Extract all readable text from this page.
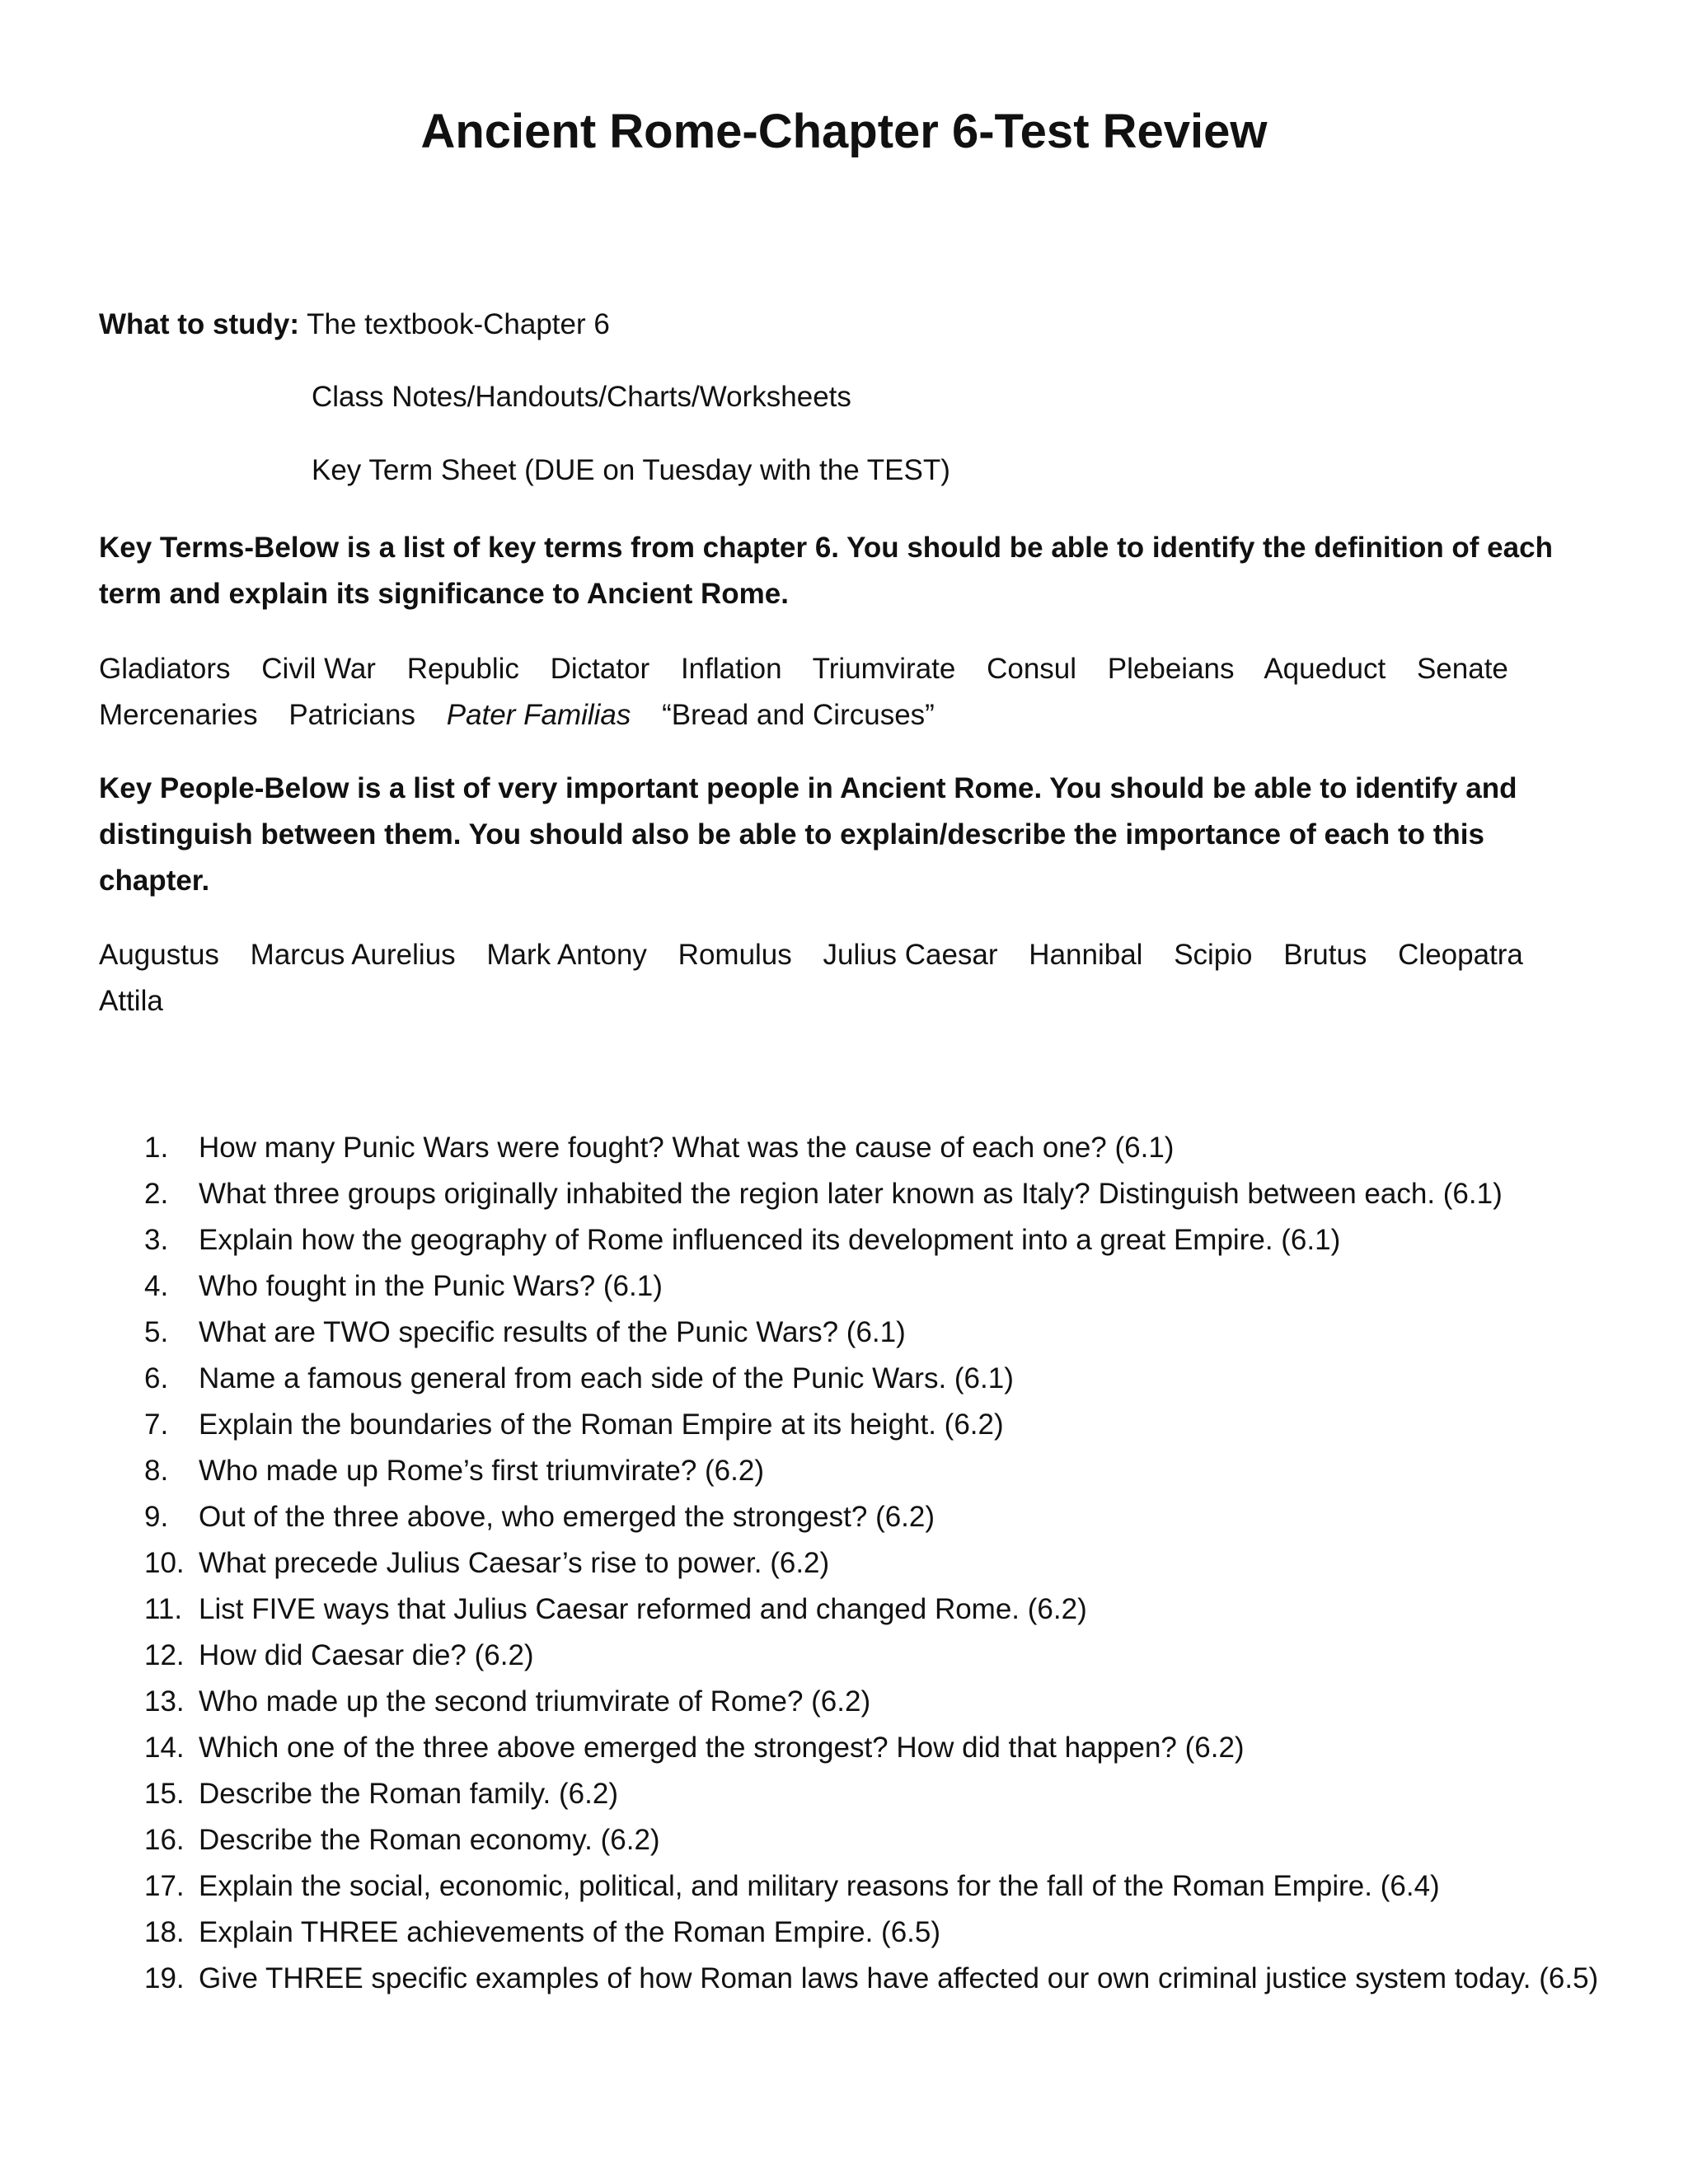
Ancient Rome-Chapter 6-Test Review
What to study: The textbook-Chapter 6
Class Notes/Handouts/Charts/Worksheets
Key Term Sheet (DUE on Tuesday with the TEST)
Key Terms-Below is a list of key terms from chapter 6. You should be able to identify the definition of each term and explain its significance to Ancient Rome.
Gladiators Civil War Republic Dictator Inflation Triumvirate Consul Plebeians Aqueduct Senate
Mercenaries Patricians Pater Familias “Bread and Circuses”
Key People-Below is a list of very important people in Ancient Rome. You should be able to identify and distinguish between them. You should also be able to explain/describe the importance of each to this chapter.
Augustus Marcus Aurelius Mark Antony Romulus Julius Caesar Hannibal Scipio Brutus Cleopatra
Attila
1. How many Punic Wars were fought? What was the cause of each one? (6.1)
2. What three groups originally inhabited the region later known as Italy? Distinguish between each. (6.1)
3. Explain how the geography of Rome influenced its development into a great Empire. (6.1)
4. Who fought in the Punic Wars? (6.1)
5. What are TWO specific results of the Punic Wars? (6.1)
6. Name a famous general from each side of the Punic Wars. (6.1)
7. Explain the boundaries of the Roman Empire at its height. (6.2)
8. Who made up Rome’s first triumvirate? (6.2)
9. Out of the three above, who emerged the strongest? (6.2)
10. What precede Julius Caesar’s rise to power. (6.2)
11. List FIVE ways that Julius Caesar reformed and changed Rome. (6.2)
12. How did Caesar die? (6.2)
13. Who made up the second triumvirate of Rome? (6.2)
14. Which one of the three above emerged the strongest? How did that happen? (6.2)
15. Describe the Roman family. (6.2)
16. Describe the Roman economy. (6.2)
17. Explain the social, economic, political, and military reasons for the fall of the Roman Empire. (6.4)
18. Explain THREE achievements of the Roman Empire. (6.5)
19. Give THREE specific examples of how Roman laws have affected our own criminal justice system today. (6.5)
